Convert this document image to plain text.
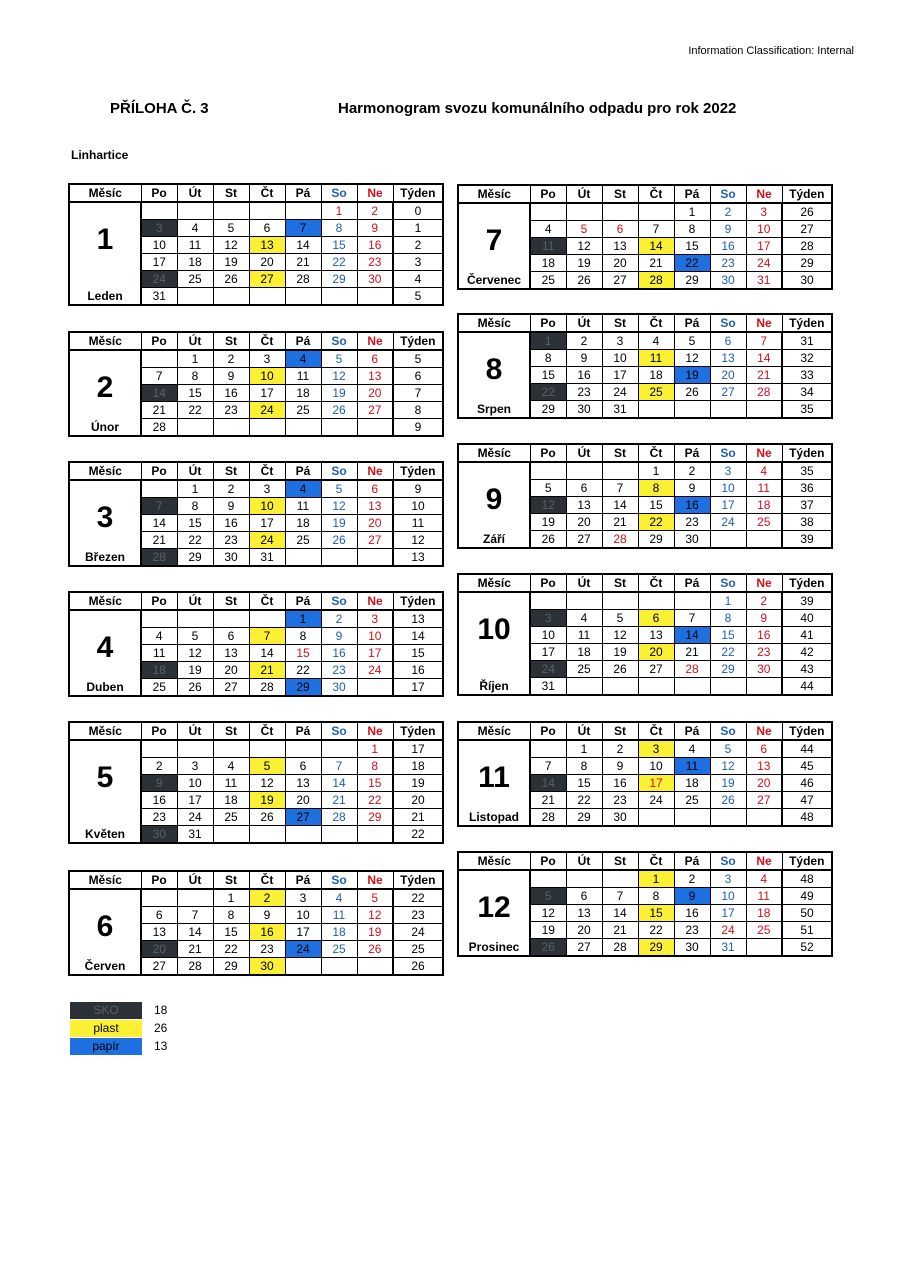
Information Classification: Internal
PŘÍLOHA Č. 3	Harmonogram svozu komunálního odpadu pro rok 2022
Linhartice
Měsíc	Po	Út	St	Čt	Pá	So	Ne	Týden

1
Leden						1	2	0
	3	4	5	6	7	8	9	1
	10	11	12	13	14	15	16	2
	17	18	19	20	21	22	23	3
	24	25	26	27	28	29	30	4
	31							5
Měsíc	Po	Út	St	Čt	Pá	So	Ne	Týden

2
Únor		1	2	3	4	5	6	5
	7	8	9	10	11	12	13	6
	14	15	16	17	18	19	20	7
	21	22	23	24	25	26	27	8
	28							9
Měsíc	Po	Út	St	Čt	Pá	So	Ne	Týden

3
Březen		1	2	3	4	5	6	9
	7	8	9	10	11	12	13	10
	14	15	16	17	18	19	20	11
	21	22	23	24	25	26	27	12
	28	29	30	31				13
Měsíc	Po	Út	St	Čt	Pá	So	Ne	Týden

4
Duben					1	2	3	13
	4	5	6	7	8	9	10	14
	11	12	13	14	15	16	17	15
	18	19	20	21	22	23	24	16
	25	26	27	28	29	30		17
Měsíc	Po	Út	St	Čt	Pá	So	Ne	Týden

5
Květen							1	17
	2	3	4	5	6	7	8	18
	9	10	11	12	13	14	15	19
	16	17	18	19	20	21	22	20
	23	24	25	26	27	28	29	21
	30	31						22
Měsíc	Po	Út	St	Čt	Pá	So	Ne	Týden

6
Červen			1	2	3	4	5	22
	6	7	8	9	10	11	12	23
	13	14	15	16	17	18	19	24
	20	21	22	23	24	25	26	25
	27	28	29	30				26
Měsíc	Po	Út	St	Čt	Pá	So	Ne	Týden

7
Červenec					1	2	3	26
	4	5	6	7	8	9	10	27
	11	12	13	14	15	16	17	28
	18	19	20	21	22	23	24	29
	25	26	27	28	29	30	31	30
Měsíc	Po	Út	St	Čt	Pá	So	Ne	Týden

8
Srpen	1	2	3	4	5	6	7	31
	8	9	10	11	12	13	14	32
	15	16	17	18	19	20	21	33
	22	23	24	25	26	27	28	34
	29	30	31					35
Měsíc	Po	Út	St	Čt	Pá	So	Ne	Týden

9
Září				1	2	3	4	35
	5	6	7	8	9	10	11	36
	12	13	14	15	16	17	18	37
	19	20	21	22	23	24	25	38
	26	27	28	29	30			39
Měsíc	Po	Út	St	Čt	Pá	So	Ne	Týden

10
Říjen						1	2	39
	3	4	5	6	7	8	9	40
	10	11	12	13	14	15	16	41
	17	18	19	20	21	22	23	42
	24	25	26	27	28	29	30	43
	31							44
Měsíc	Po	Út	St	Čt	Pá	So	Ne	Týden

11
Listopad		1	2	3	4	5	6	44
	7	8	9	10	11	12	13	45
	14	15	16	17	18	19	20	46
	21	22	23	24	25	26	27	47
	28	29	30					48
Měsíc	Po	Út	St	Čt	Pá	So	Ne	Týden

12
Prosinec				1	2	3	4	48
	5	6	7	8	9	10	11	49
	12	13	14	15	16	17	18	50
	19	20	21	22	23	24	25	51
	26	27	28	29	30	31		52
SKO	18
plast	26
papír	13
